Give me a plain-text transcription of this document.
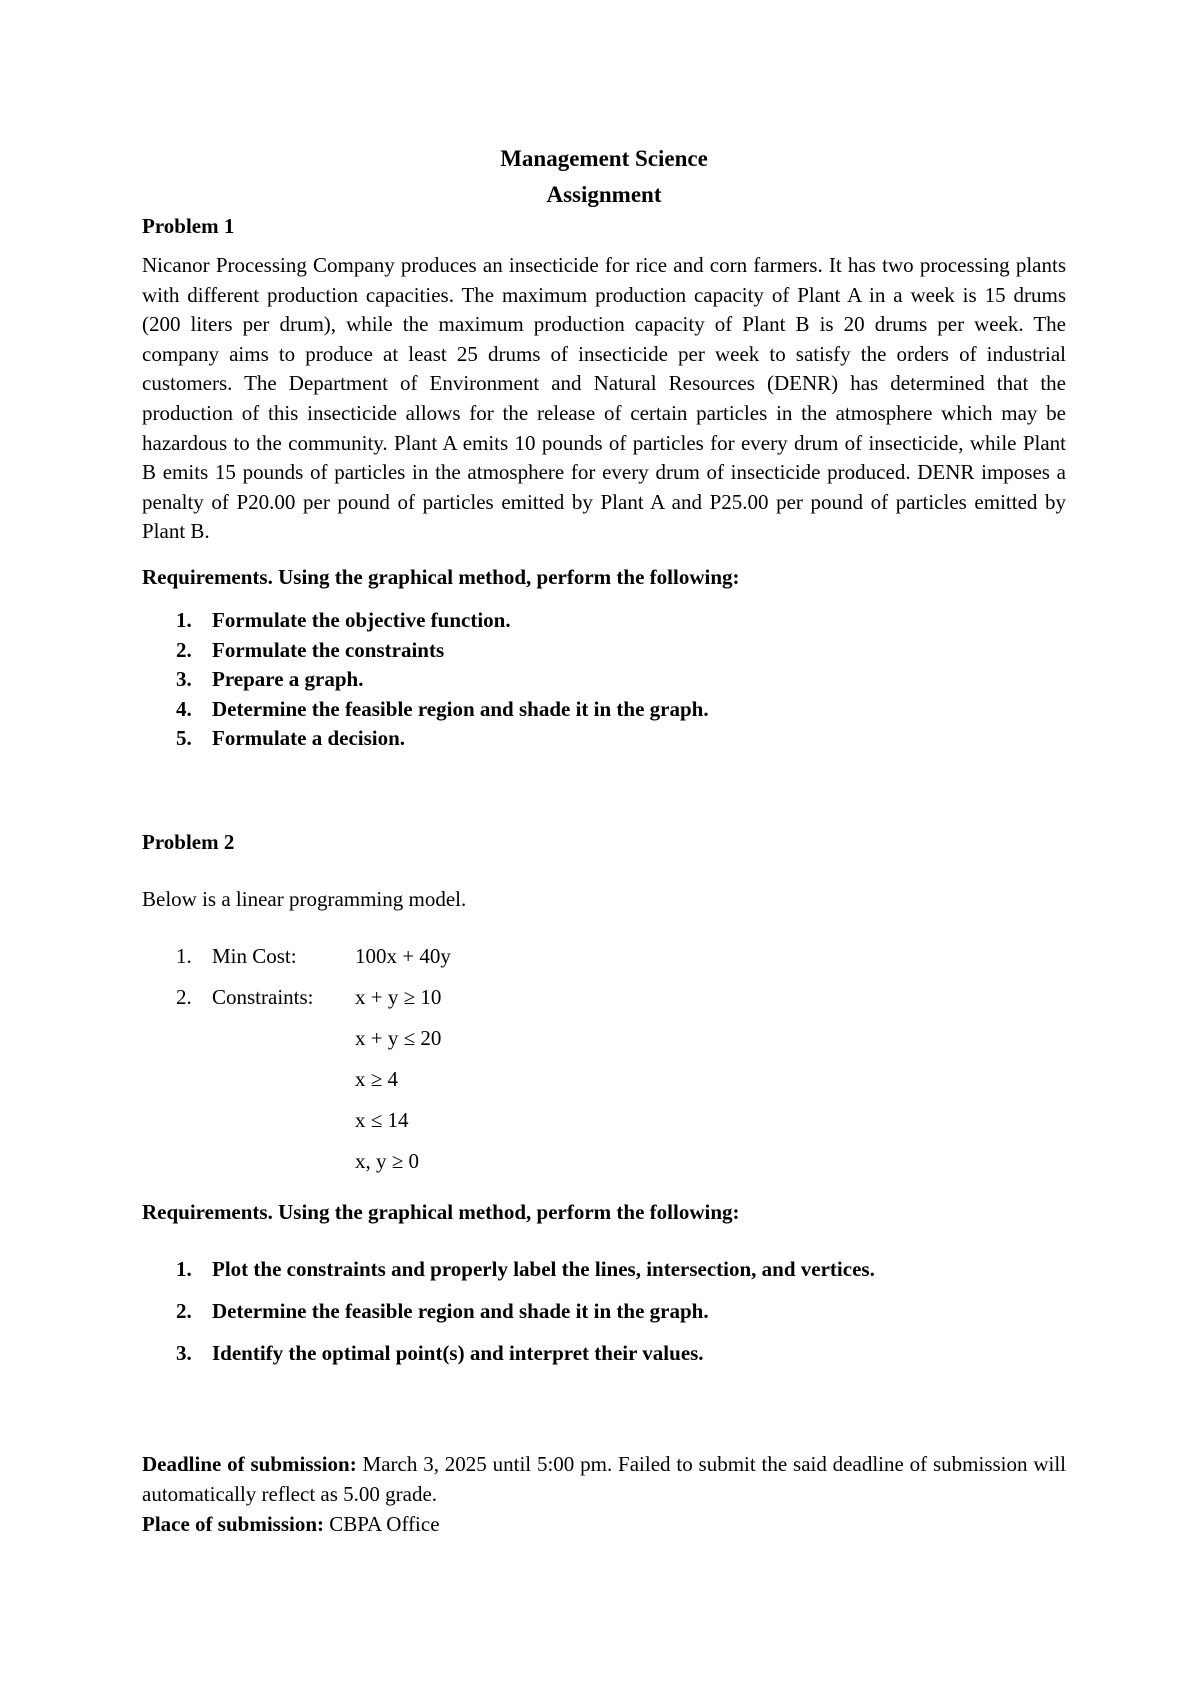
Management Science
Assignment
Problem 1

Nicanor Processing Company produces an insecticide for rice and corn farmers. It has two processing plants with different production capacities. The maximum production capacity of Plant A in a week is 15 drums (200 liters per drum), while the maximum production capacity of Plant B is 20 drums per week. The company aims to produce at least 25 drums of insecticide per week to satisfy the orders of industrial customers. The Department of Environment and Natural Resources (DENR) has determined that the production of this insecticide allows for the release of certain particles in the atmosphere which may be hazardous to the community. Plant A emits 10 pounds of particles for every drum of insecticide, while Plant B emits 15 pounds of particles in the atmosphere for every drum of insecticide produced. DENR imposes a penalty of P20.00 per pound of particles emitted by Plant A and P25.00 per pound of particles emitted by Plant B.

Requirements. Using the graphical method, perform the following:
1. Formulate the objective function.
2. Formulate the constraints
3. Prepare a graph.
4. Determine the feasible region and shade it in the graph.
5. Formulate a decision.
Problem 2

Below is a linear programming model.

1. Min Cost:	100x + 40y
2. Constraints: x + y ≥ 10
x + y ≤ 20
x ≥ 4
x ≤ 14
x, y ≥ 0
Requirements. Using the graphical method, perform the following:
1. Plot the constraints and properly label the lines, intersection, and vertices.
2. Determine the feasible region and shade it in the graph.
3. Identify the optimal point(s) and interpret their values.

Deadline of submission: March 3, 2025 until 5:00 pm. Failed to submit the said deadline of submission will automatically reflect as 5.00 grade.

Place of submission: CBPA Office
